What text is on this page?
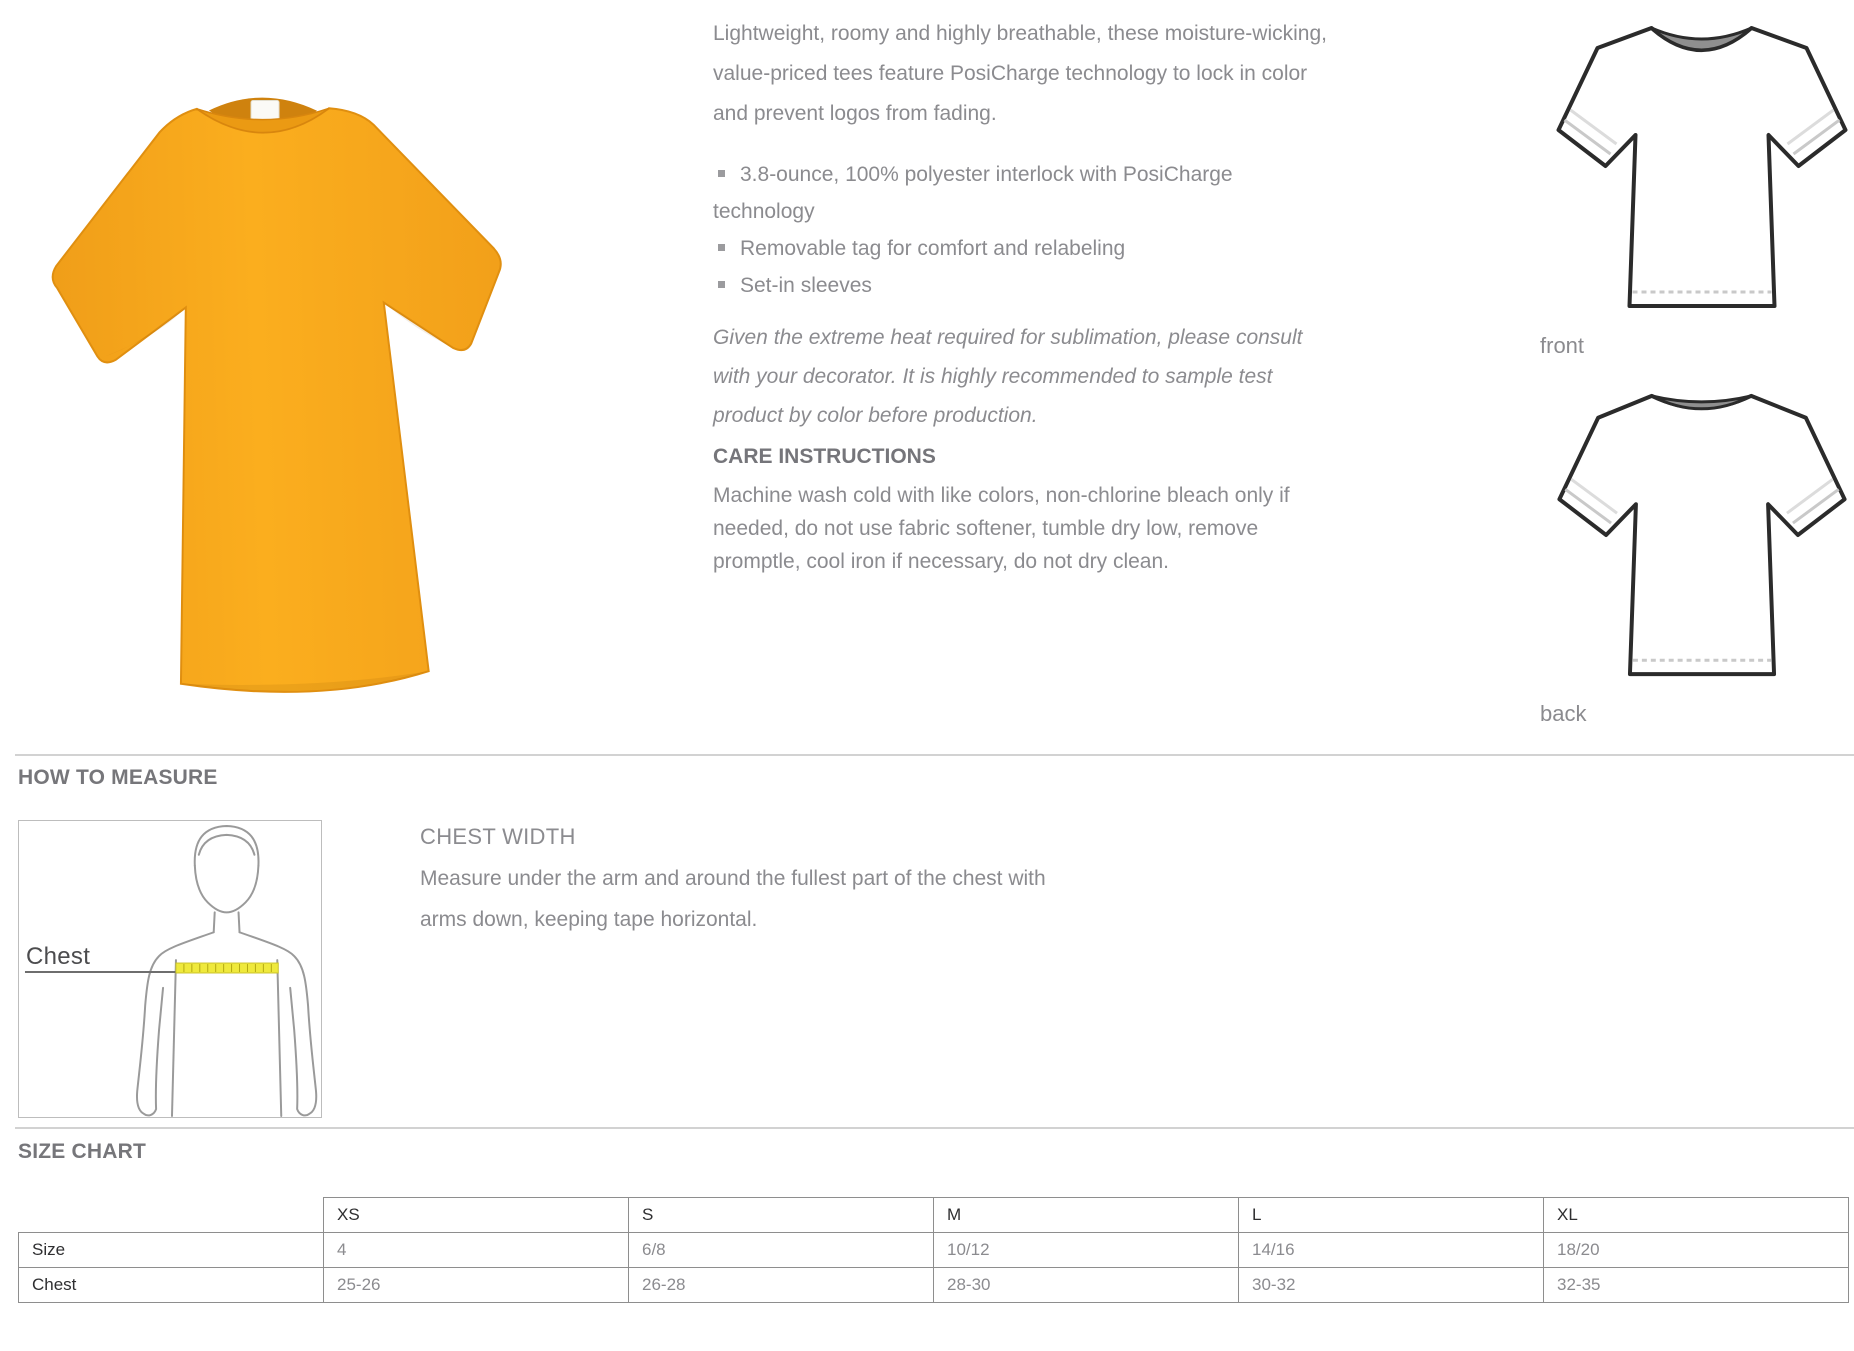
Lightweight, roomy and highly breathable, these moisture-wicking, value-priced tees feature PosiCharge technology to lock in color and prevent logos from fading.

3.8-ounce, 100% polyester interlock with PosiCharge technology
Removable tag for comfort and relabeling
Set-in sleeves

Given the extreme heat required for sublimation, please consult with your decorator. It is highly recommended to sample test product by color before production.

CARE INSTRUCTIONS

Machine wash cold with like colors, non-chlorine bleach only if needed, do not use fabric softener, tumble dry low, remove promptle, cool iron if necessary, do not dry clean.

front
back
HOW TO MEASURE
Chest
CHEST WIDTH
Measure under the arm and around the fullest part of the chest with arms down, keeping tape horizontal.
SIZE CHART
	XS	S	M	L	XL
Size	4	6/8	10/12	14/16	18/20
Chest	25-26	26-28	28-30	30-32	32-35
